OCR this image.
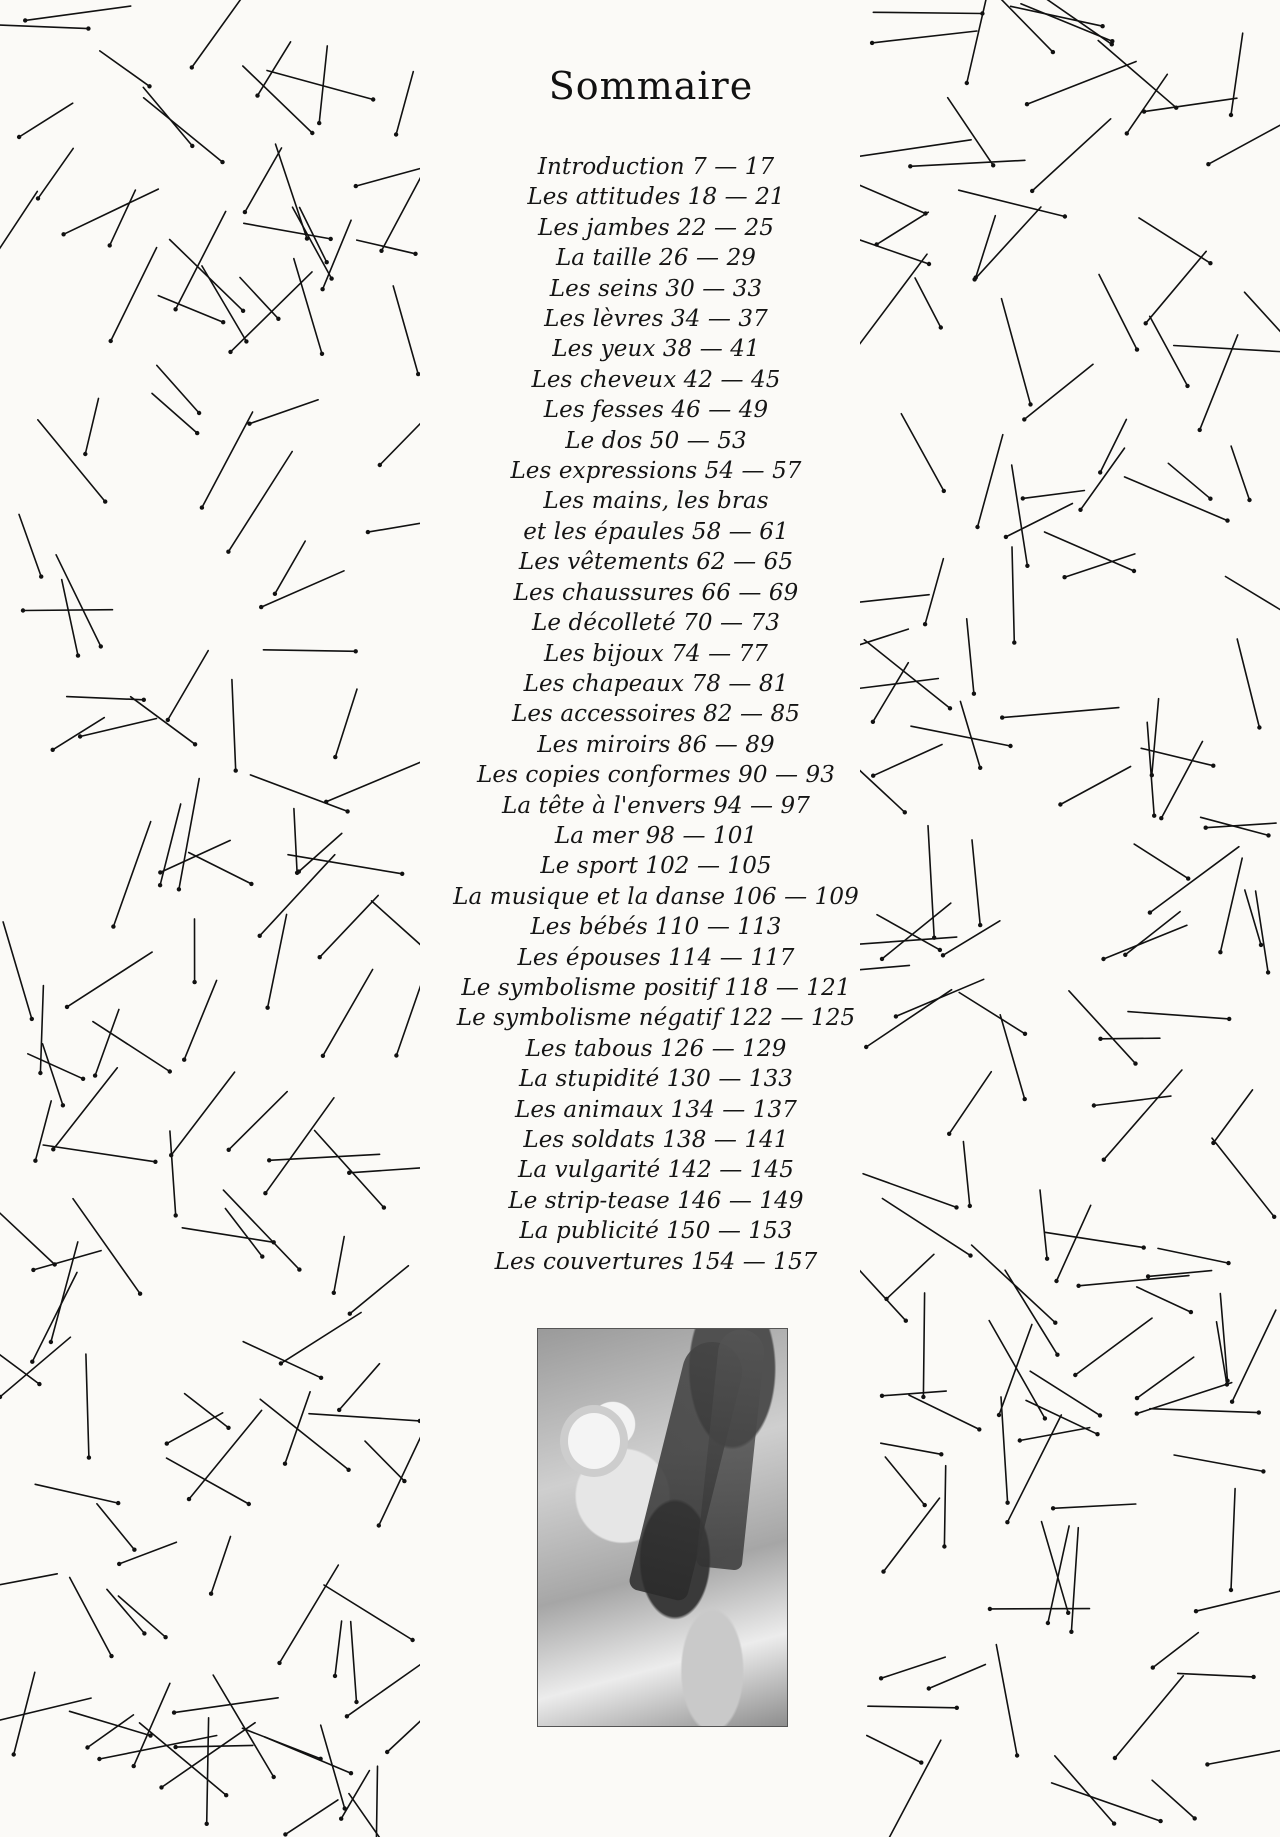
Sommaire
Introduction 7 — 17
Les attitudes 18 — 21
Les jambes 22 — 25
La taille 26 — 29
Les seins 30 — 33
Les lèvres 34 — 37
Les yeux 38 — 41
Les cheveux 42 — 45
Les fesses 46 — 49
Le dos 50 — 53
Les expressions 54 — 57
Les mains, les bras
et les épaules 58 — 61
Les vêtements 62 — 65
Les chaussures 66 — 69
Le décolleté 70 — 73
Les bijoux 74 — 77
Les chapeaux 78 — 81
Les accessoires 82 — 85
Les miroirs 86 — 89
Les copies conformes 90 — 93
La tête à l'envers 94 — 97
La mer 98 — 101
Le sport 102 — 105
La musique et la danse 106 — 109
Les bébés 110 — 113
Les épouses 114 — 117
Le symbolisme positif 118 — 121
Le symbolisme négatif 122 — 125
Les tabous 126 — 129
La stupidité 130 — 133
Les animaux 134 — 137
Les soldats 138 — 141
La vulgarité 142 — 145
Le strip-tease 146 — 149
La publicité 150 — 153
Les couvertures 154 — 157
